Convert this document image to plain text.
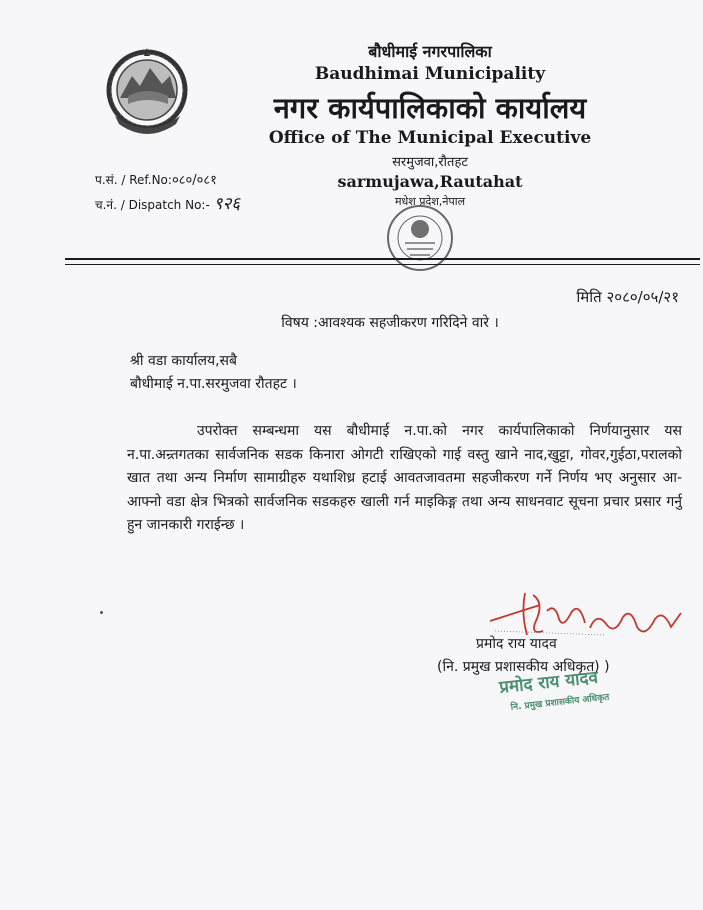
बौधीमाई नगरपालिका
Baudhimai Municipality
नगर कार्यपालिकाको कार्यालय
Office of The Municipal Executive
सरमुजवा,रौतहट
sarmujawa,Rautahat
मधेश प्रदेश,नेपाल
प.सं. / Ref.No:०८०/०८१
च.नं. / Dispatch No:- ९२६
मिति २०८०/०५/२१
विषय :आवश्यक सहजीकरण गरिदिने वारे ।
श्री वडा कार्यालय,सबै
बौधीमाई न.पा.सरमुजवा रौतहट ।
उपरोक्त सम्बन्धमा यस बौधीमाई न.पा.को नगर कार्यपालिकाको निर्णयानुसार यस न.पा.अन्र्तगतका सार्वजनिक सडक किनारा ओगटी राखिएको गाई वस्तु खाने नाद,खुट्टा, गोवर,गुईठा,परालको खात तथा अन्य निर्माण सामाग्रीहरु यथाशिध्र हटाई आवतजावतमा सहजीकरण गर्ने निर्णय भए अनुसार आ-आफ्नो वडा क्षेत्र भित्रको सार्वजनिक सडकहरु खाली गर्न माइकिङ्ग तथा अन्य साधनवाट सूचना प्रचार प्रसार गर्नु हुन जानकारी गराईन्छ ।
प्रमोद राय यादव
(नि. प्रमुख प्रशासकीय अधिकृत) )
प्रमोद राय यादव
नि. प्रमुख प्रशासकीय अधिकृत
